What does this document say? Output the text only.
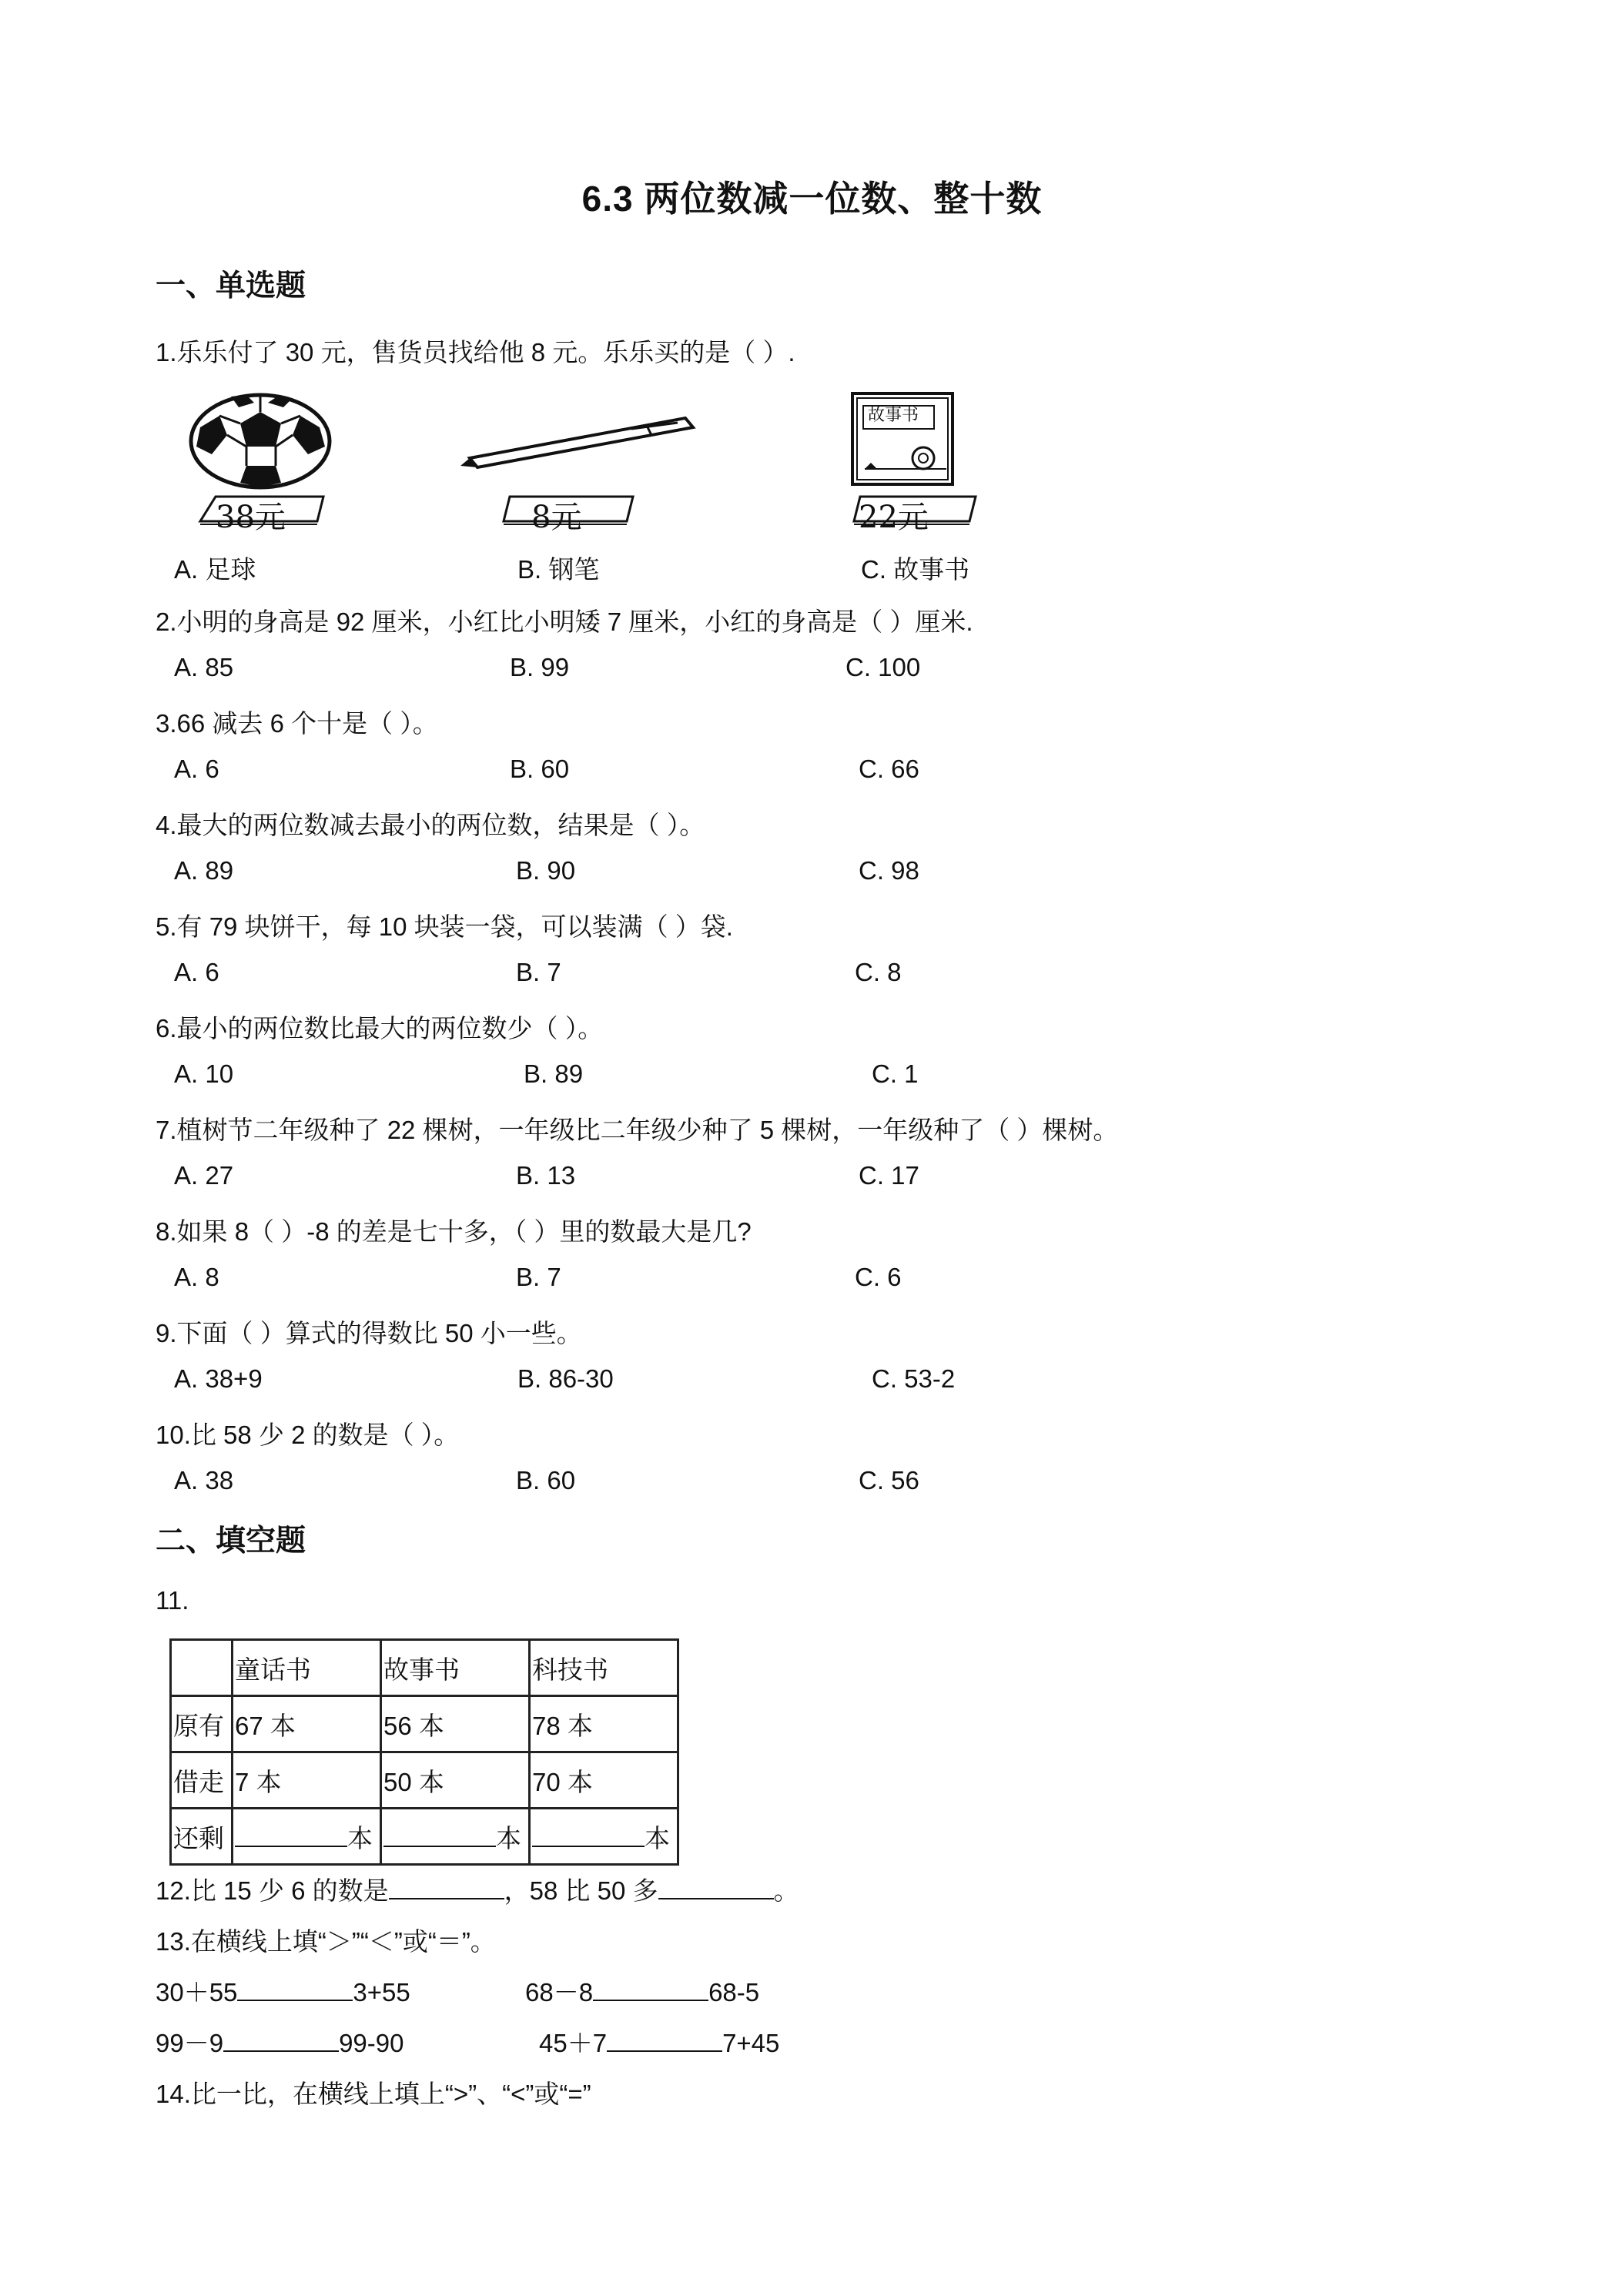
6.3 两位数减一位数、整十数
一、单选题
1.乐乐付了 30 元，售货员找给他 8 元。乐乐买的是（ ）.
38元	8元
故事书
22元
A. 足球	B. 钢笔	C. 故事书
2.小明的身高是 92 厘米，小红比小明矮 7 厘米，小红的身高是（ ）厘米.
A. 85	B. 99	C. 100
3.66 减去 6 个十是（ ）。
A. 6	B. 60	C. 66
4.最大的两位数减去最小的两位数，结果是（ ）。
A. 89	B. 90	C. 98
5.有 79 块饼干，每 10 块装一袋，可以装满（ ）袋.
A. 6	B. 7	C. 8
6.最小的两位数比最大的两位数少（ ）。
A. 10	B. 89	C. 1
7.植树节二年级种了 22 棵树，一年级比二年级少种了 5 棵树，一年级种了（ ）棵树。
A. 27	B. 13	C. 17
8.如果 8（ ）-8 的差是七十多，（ ）里的数最大是几?
A. 8	B. 7	C. 6
9.下面（ ）算式的得数比 50 小一些。
A. 38+9	B. 86-30	C. 53-2
10.比 58 少 2 的数是（ ）。
A. 38	B. 60	C. 56
二、填空题
11.
	童话书	故事书	科技书
原有	67 本	56 本	78 本
借走	7 本	50 本	70 本
还剩	本	本	本
12.比 15 少 6 的数是	，58 比 50 多	。
13.在横线上填“＞”“＜”或“＝”。
30＋55	3+55	68－8	68-5
99－9	99-90	45＋7	7+45
14.比一比，在横线上填上“>”、“<”或“=”
